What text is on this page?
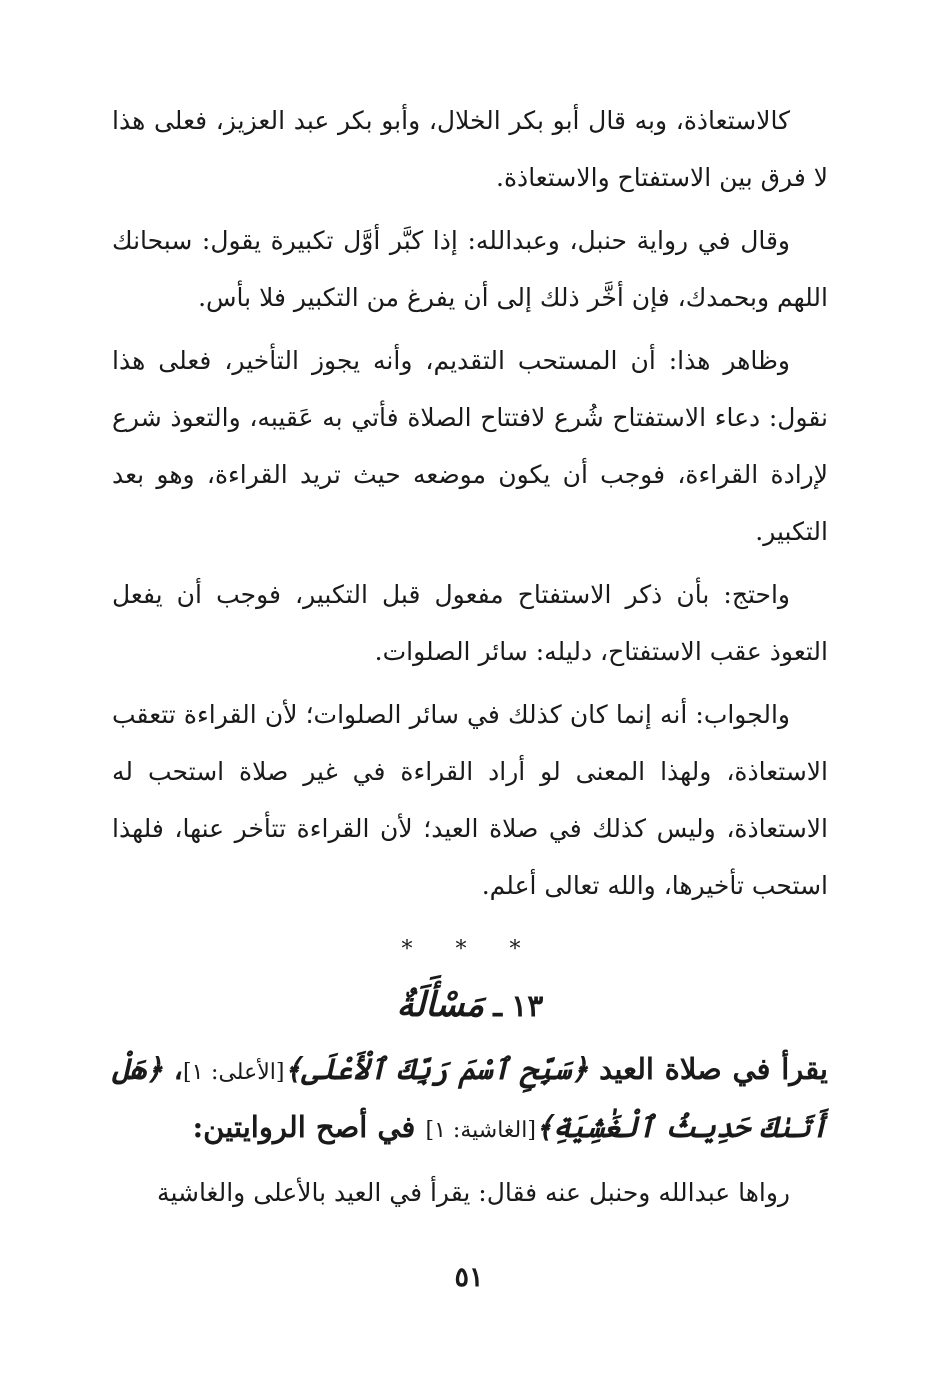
كالاستعاذة، وبه قال أبو بكر الخلال، وأبو بكر عبد العزيز، فعلى هذا لا فرق بين الاستفتاح والاستعاذة.

وقال في رواية حنبل، وعبدالله: إذا كبَّر أوَّل تكبيرة يقول: سبحانك اللهم وبحمدك، فإن أخَّر ذلك إلى أن يفرغ من التكبير فلا بأس.

وظاهر هذا: أن المستحب التقديم، وأنه يجوز التأخير، فعلى هذا نقول: دعاء الاستفتاح شُرع لافتتاح الصلاة فأتي به عَقيبه، والتعوذ شرع لإرادة القراءة، فوجب أن يكون موضعه حيث تريد القراءة، وهو بعد التكبير.

واحتج: بأن ذكر الاستفتاح مفعول قبل التكبير، فوجب أن يفعل التعوذ عقب الاستفتاح، دليله: سائر الصلوات.

والجواب: أنه إنما كان كذلك في سائر الصلوات؛ لأن القراءة تتعقب الاستعاذة، ولهذا المعنى لو أراد القراءة في غير صلاة استحب له الاستعاذة، وليس كذلك في صلاة العيد؛ لأن القراءة تتأخر عنها، فلهذا استحب تأخيرها، والله تعالى أعلم.

* * *
١٣ ـ مَسْأَلَةٌ

يقرأ في صلاة العيد ﴿سَبِّحِ ٱسْمَ رَبِّكَ ٱلْأَعْلَى﴾[الأعلى: ١]، ﴿هَلْ أَتَىٰكَ حَدِيثُ ٱلْغَٰشِيَةِ﴾[الغاشية: ١] في أصح الروايتين:

رواها عبدالله وحنبل عنه فقال: يقرأ في العيد بالأعلى والغاشية

٥١
